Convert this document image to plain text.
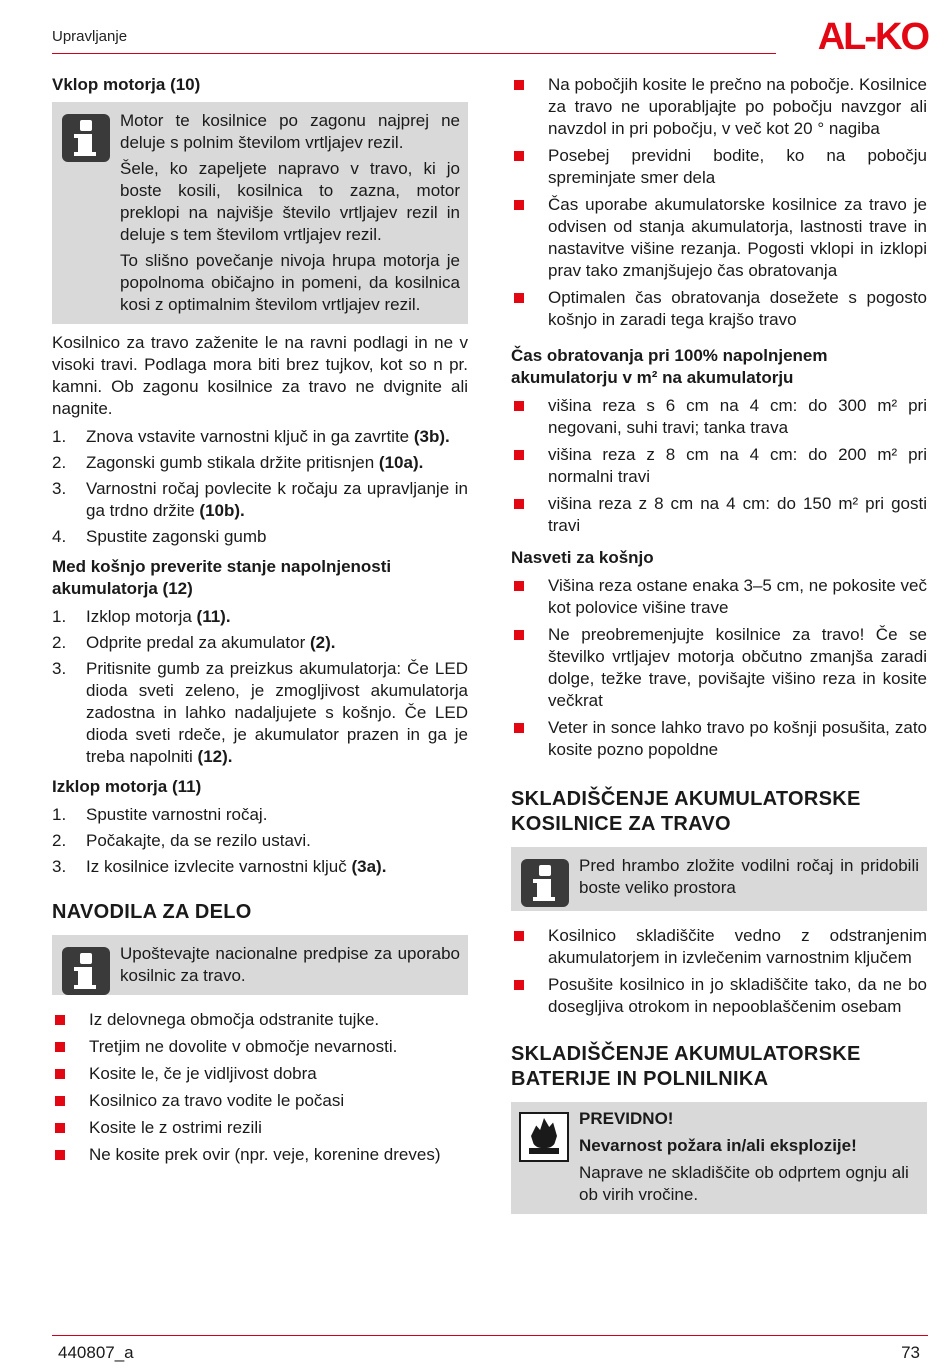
Upravljanje	AL-KO
Vklop motorja (10)
Motor te kosilnice po zagonu najprej ne deluje s polnim številom vrtljajev rezil.
Šele, ko zapeljete napravo v travo, ki jo boste kosili, kosilnica to zazna, motor preklopi na najvišje število vrtljajev rezil in deluje s tem številom vrtljajev rezil.
To slišno povečanje nivoja hrupa motorja je popolnoma običajno in pomeni, da kosilnica kosi z optimalnim številom vrtljajev rezil.
Kosilnico za travo zaženite le na ravni podlagi in ne v visoki travi. Podlaga mora biti brez tujkov, kot so n pr. kamni. Ob zagonu kosilnice za travo ne dvignite ali nagnite.
1. Znova vstavite varnostni ključ in ga zavrtite (3b).
2. Zagonski gumb stikala držite pritisnjen (10a).
3. Varnostni ročaj povlecite k ročaju za upravljanje in ga trdno držite (10b).
4. Spustite zagonski gumb
Med košnjo preverite stanje napolnjenosti akumulatorja (12)
1. Izklop motorja (11).
2. Odprite predal za akumulator (2).
3. Pritisnite gumb za preizkus akumulatorja: Če LED dioda sveti zeleno, je zmogljivost akumulatorja zadostna in lahko nadaljujete s košnjo. Če LED dioda sveti rdeče, je akumulator prazen in ga je treba napolniti (12).
Izklop motorja (11)
1. Spustite varnostni ročaj.
2. Počakajte, da se rezilo ustavi.
3. Iz kosilnice izvlecite varnostni ključ (3a).
NAVODILA ZA DELO
Upoštevajte nacionalne predpise za uporabo kosilnic za travo.
Iz delovnega območja odstranite tujke.
Tretjim ne dovolite v območje nevarnosti.
Kosite le, če je vidljivost dobra
Kosilnico za travo vodite le počasi
Kosite le z ostrimi rezili
Ne kosite prek ovir (npr. veje, korenine dreves)
Na pobočjih kosite le prečno na pobočje. Kosilnice za travo ne uporabljajte po pobočju navzgor ali navzdol in pri pobočju, v več kot 20 ° nagiba
Posebej previdni bodite, ko na pobočju spreminjate smer dela
Čas uporabe akumulatorske kosilnice za travo je odvisen od stanja akumulatorja, lastnosti trave in nastavitve višine rezanja. Pogosti vklopi in izklopi prav tako zmanjšujejo čas obratovanja
Optimalen čas obratovanja dosežete s pogosto košnjo in zaradi tega krajšo travo
Čas obratovanja pri 100% napolnjenem akumulatorju v m² na akumulatorju
višina reza s 6 cm na 4 cm: do 300 m² pri negovani, suhi travi; tanka trava
višina reza z 8 cm na 4 cm: do 200 m² pri normalni travi
višina reza z 8 cm na 4 cm: do 150 m² pri gosti travi
Nasveti za košnjo
Višina reza ostane enaka 3–5 cm, ne pokosite več kot polovice višine trave
Ne preobremenjujte kosilnice za travo! Če se številko vrtljajev motorja občutno zmanjša zaradi dolge, težke trave, povišajte višino reza in kosite večkrat
Veter in sonce lahko travo po košnji posušita, zato kosite pozno popoldne
SKLADIŠČENJE AKUMULATORSKE KOSILNICE ZA TRAVO
Pred hrambo zložite vodilni ročaj in pridobili boste veliko prostora
Kosilnico skladiščite vedno z odstranjenim akumulatorjem in izvlečenim varnostnim ključem
Posušite kosilnico in jo skladiščite tako, da ne bo dosegljiva otrokom in nepooblaščenim osebam
SKLADIŠČENJE AKUMULATORSKE BATERIJE IN POLNILNIKA
PREVIDNO!
Nevarnost požara in/ali eksplozije!
Naprave ne skladiščite ob odprtem ognju ali ob virih vročine.
440807_a	73
